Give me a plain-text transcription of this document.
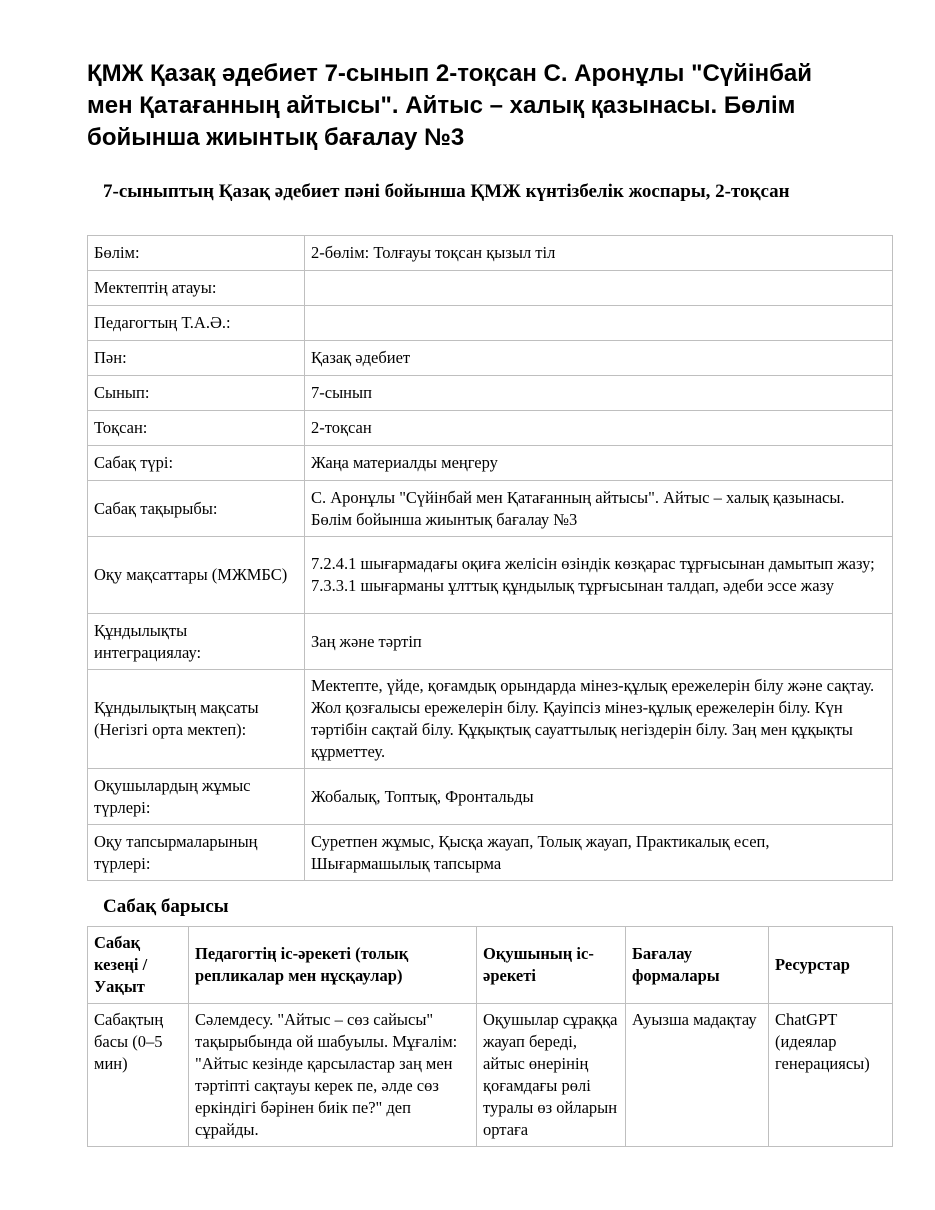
ҚМЖ Қазақ әдебиет 7-сынып 2-тоқсан С. Аронұлы "Сүйінбай мен Қатағанның айтысы". Айтыс – халық қазынасы. Бөлім бойынша жиынтық бағалау №3
7-сыныптың Қазақ әдебиет пәні бойынша ҚМЖ күнтізбелік жоспары, 2-тоқсан
Бөлім:	2-бөлім: Толғауы тоқсан қызыл тіл
Мектептің атауы:	
Педагогтың Т.А.Ә.:	
Пән:	Қазақ әдебиет
Сынып:	7-сынып
Тоқсан:	2-тоқсан
Сабақ түрі:	Жаңа материалды меңгеру
Сабақ тақырыбы:	С. Аронұлы "Сүйінбай мен Қатағанның айтысы". Айтыс – халық қазынасы. Бөлім бойынша жиынтық бағалау №3
Оқу мақсаттары (МЖМБС)	7.2.4.1 шығармадағы оқиға желісін өзіндік көзқарас тұрғысынан дамытып жазу; 7.3.3.1 шығарманы ұлттық құндылық тұрғысынан талдап, әдеби эссе жазу
Құндылықты интеграциялау:	Заң және тәртіп
Құндылықтың мақсаты (Негізгі орта мектеп):	Мектепте, үйде, қоғамдық орындарда мінез-құлық ережелерін білу және сақтау. Жол қозғалысы ережелерін білу. Қауіпсіз мінез-құлық ережелерін білу. Күн тәртібін сақтай білу. Құқықтық сауаттылық негіздерін білу. Заң мен құқықты құрметтеу.
Оқушылардың жұмыс түрлері:	Жобалық, Топтық, Фронтальды
Оқу тапсырмаларының түрлері:	Суретпен жұмыс, Қысқа жауап, Толық жауап, Практикалық есеп, Шығармашылық тапсырма
Сабақ барысы
Сабақ кезеңі / Уақыт	Педагогтің іс-әрекеті (толық репликалар мен нұсқаулар)	Оқушының іс-әрекеті	Бағалау формалары	Ресурстар
Сабақтың басы (0–5 мин)	Сәлемдесу. "Айтыс – сөз сайысы" тақырыбында ой шабуылы. Мұғалім: "Айтыс кезінде қарсыластар заң мен тәртіпті сақтауы керек пе, әлде сөз еркіндігі бәрінен биік пе?" деп сұрайды.	Оқушылар сұраққа жауап береді, айтыс өнерінің қоғамдағы рөлі туралы өз ойларын ортаға	Ауызша мадақтау	ChatGPT (идеялар генерациясы)
